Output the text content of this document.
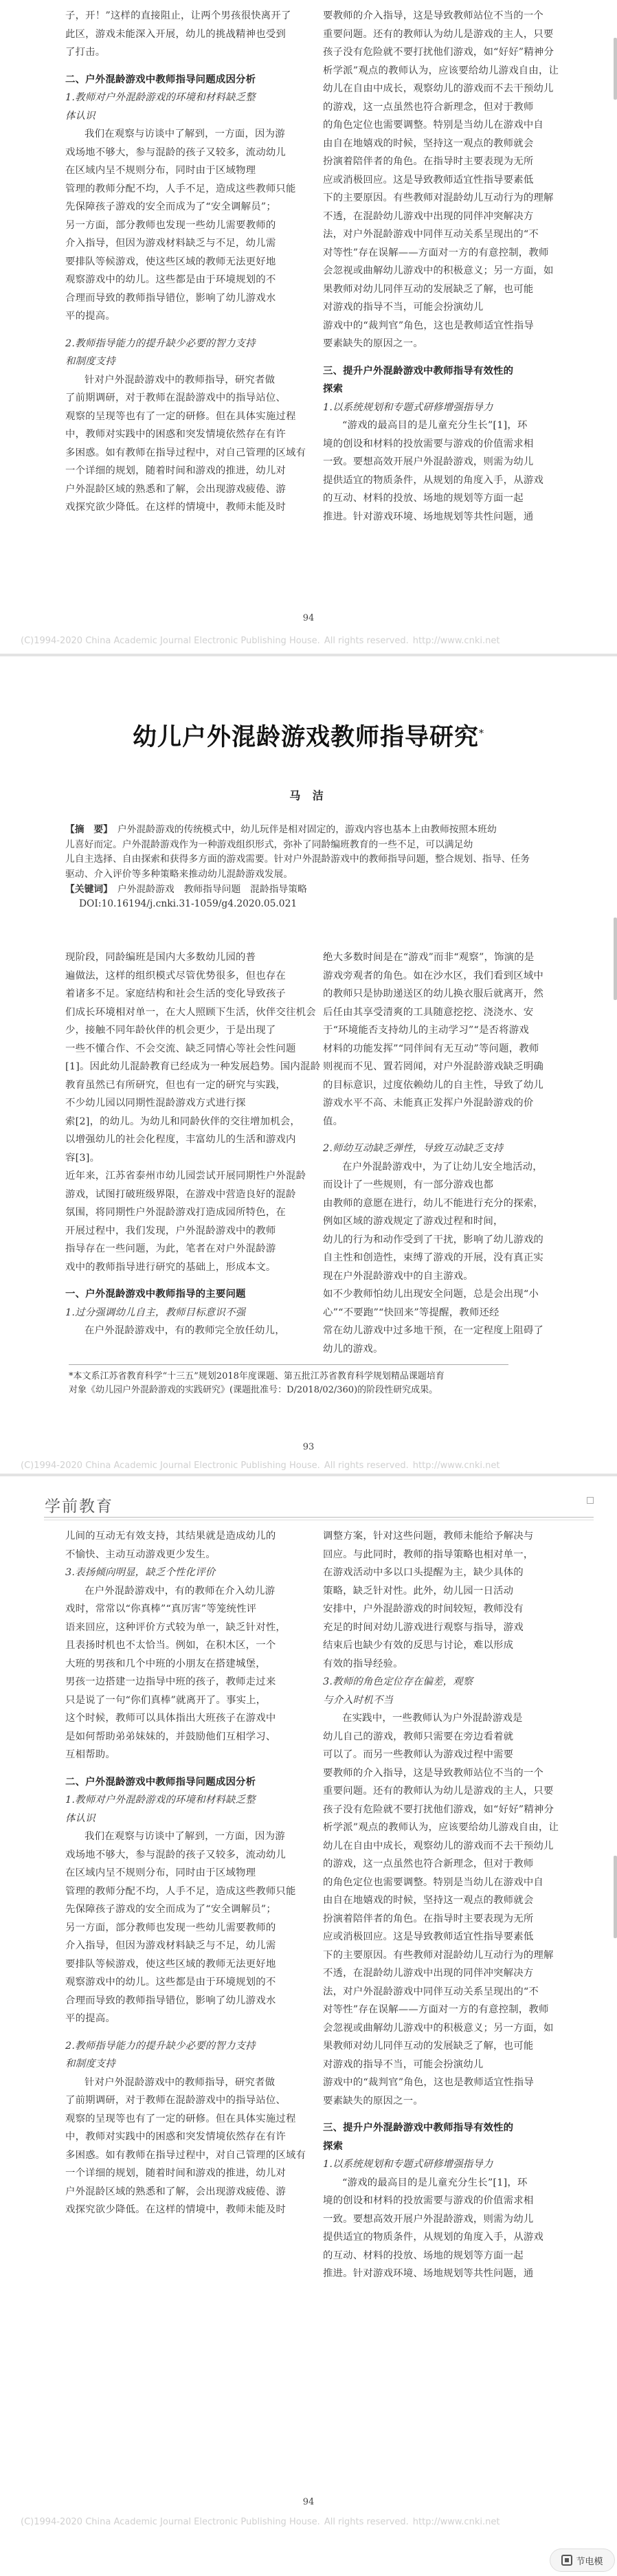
子，开！”这样的直接阻止，让两个男孩很快离开了
此区，游戏未能深入开展，幼儿的挑战精神也受到
了打击。
二、户外混龄游戏中教师指导问题成因分析
1.教师对户外混龄游戏的环境和材料缺乏整
体认识
我们在观察与访谈中了解到，一方面，因为游
戏场地不够大，参与混龄的孩子又较多，流动幼儿
在区域内呈不规则分布，同时由于区域物理
管理的教师分配不均，人手不足，造成这些教师只能
先保障孩子游戏的安全而成为了“安全调解员”；
另一方面，部分教师也发现一些幼儿需要教师的
介入指导，但因为游戏材料缺乏与不足，幼儿需
要排队等候游戏，使这些区域的教师无法更好地
观察游戏中的幼儿。这些都是由于环境规划的不
合理而导致的教师指导错位，影响了幼儿游戏水
平的提高。
2.教师指导能力的提升缺少必要的智力支持
和制度支持
针对户外混龄游戏中的教师指导，研究者做
了前期调研，对于教师在混龄游戏中的指导站位、
观察的呈现等也有了一定的研修。但在具体实施过程
中，教师对实践中的困惑和突发情境依然存在有许
多困惑。如有教师在指导过程中，对自己管理的区域有
一个详细的规划，随着时间和游戏的推进，幼儿对
户外混龄区域的熟悉和了解，会出现游戏疲倦、游
戏探究欲少降低。在这样的情境中，教师未能及时
要教师的介入指导，这是导致教师站位不当的一个
重要问题。还有的教师认为幼儿是游戏的主人，只要
孩子没有危险就不要打扰他们游戏，如“好好”精神分
析学派”观点的教师认为，应该要给幼儿游戏自由，让
幼儿在自由中成长，观察幼儿的游戏而不去干预幼儿
的游戏，这一点虽然也符合新理念，但对于教师
的角色定位也需要调整。特别是当幼儿在游戏中自
由自在地嬉戏的时候，坚持这一观点的教师就会
扮演着陪伴者的角色。在指导时主要表现为无所
应或消极回应。这是导致教师适宜性指导要素低
下的主要原因。有些教师对混龄幼儿互动行为的理解
不透，在混龄幼儿游戏中出现的同伴冲突解决方
法，对户外混龄游戏中同伴互动关系呈现出的“不
对等性”存在误解——方面对一方的有意控制，教师
会忽视或曲解幼儿游戏中的积极意义；另一方面，如
果教师对幼儿同伴互动的发展缺乏了解，也可能
对游戏的指导不当，可能会扮演幼儿
游戏中的“裁判官”角色，这也是教师适宜性指导
要素缺失的原因之一。
三、提升户外混龄游戏中教师指导有效性的
探索
1.以系统规划和专题式研修增强指导力
“游戏的最高目的是儿童充分生长”[1]，环
境的创设和材料的投放需要与游戏的价值需求相
一致。要想高效开展户外混龄游戏，则需为幼儿
提供适宜的物质条件，从规划的角度入手，从游戏
的互动、材料的投放、场地的规划等方面一起
推进。针对游戏环境、场地规划等共性问题，通
94
(C)1994-2020 China Academic Journal Electronic Publishing House. All rights reserved. http://www.cnki.net
幼儿户外混龄游戏教师指导研究*
马 洁
【摘　要】　 户外混龄游戏的传统模式中，幼儿玩伴是相对固定的，游戏内容也基本上由教师按照本班幼
儿喜好而定。户外混龄游戏作为一种游戏组织形式，弥补了同龄编班教育的一些不足，可以满足幼
儿自主选择、自由探索和获得多方面的游戏需要。针对户外混龄游戏中的教师指导问题，整合规划、指导、任务
驱动、介入评价等多种策略来推动幼儿混龄游戏发展。
【关键词】　 户外混龄游戏　教师指导问题　混龄指导策略
DOI:10.16194/j.cnki.31-1059/g4.2020.05.021
现阶段，同龄编班是国内大多数幼儿园的普
遍做法，这样的组织模式尽管优势很多，但也存在
着诸多不足。家庭结构和社会生活的变化导致孩子
们成长环境相对单一，在大人照顾下生活，伙伴交往机会
少，接触不同年龄伙伴的机会更少，于是出现了
一些不懂合作、不会交流、缺乏同情心等社会性问题
[1]。因此幼儿混龄教育已经成为一种发展趋势。国内混龄
教育虽然已有所研究，但也有一定的研究与实践，
不少幼儿园以同期性混龄游戏方式进行探
索[2]，的幼儿。为幼儿和同龄伙伴的交往增加机会，
以增强幼儿的社会化程度，丰富幼儿的生活和游戏内
容[3]。
近年来，江苏省泰州市幼儿园尝试开展同期性户外混龄
游戏，试图打破班级界限，在游戏中营造良好的混龄
氛围，将同期性户外混龄游戏打造成园所特色，在
开展过程中，我们发现，户外混龄游戏中的教师
指导存在一些问题，为此，笔者在对户外混龄游
戏中的教师指导进行研究的基础上，形成本文。
一、户外混龄游戏中教师指导的主要问题
1.过分强调幼儿自主，教师目标意识不强
在户外混龄游戏中，有的教师完全放任幼儿，
绝大多数时间是在“游戏”而非“观察”，饰演的是
游戏旁观者的角色。如在沙水区，我们看到区域中
的教师只是协助递送区的幼儿换衣服后就离开，然
后任由其享受清爽的工具随意挖挖、浇浇水、安
于“环境能否支持幼儿的主动学习”“是否将游戏
材料的功能发挥”“同伴间有无互动”等问题，教师
则视而不见、置若罔闻，对户外混龄游戏缺乏明确
的目标意识，过度依赖幼儿的自主性，导致了幼儿
游戏水平不高、未能真正发挥户外混龄游戏的价
值。
2.师幼互动缺乏弹性，导致互动缺乏支持
在户外混龄游戏中，为了让幼儿安全地活动，
而设计了一些规则，有一部分游戏也都
由教师的意愿在进行，幼儿不能进行充分的探索，
例如区域的游戏规定了游戏过程和时间，
幼儿的行为和动作受到了干扰，影响了幼儿游戏的
自主性和创造性，束缚了游戏的开展，没有真正实
现在户外混龄游戏中的自主游戏。
如不少教师怕幼儿出现安全问题，总是会出现“小
心”“不要跑”“快回来”等提醒，教师还经
常在幼儿游戏中过多地干预，在一定程度上阻碍了
幼儿的游戏。
*本文系江苏省教育科学“十三五”规划2018年度课题、第五批江苏省教育科学规划精品课题培育
对象《幼儿园户外混龄游戏的实践研究》(课题批准号：D/2018/02/360)的阶段性研究成果。
93
(C)1994-2020 China Academic Journal Electronic Publishing House. All rights reserved. http://www.cnki.net
学前教育
儿间的互动无有效支持，其结果就是造成幼儿的
不愉快、主动互动游戏更少发生。
3.表扬倾向明显，缺乏个性化评价
在户外混龄游戏中，有的教师在介入幼儿游
戏时，常常以“你真棒”“真厉害”等笼统性评
语来回应，这种评价方式较为单一，缺乏针对性，
且表扬时机也不太恰当。例如，在积木区，一个
大班的男孩和几个中班的小朋友在搭建城堡，
男孩一边搭建一边指导中班的孩子，教师走过来
只是说了一句“你们真棒”就离开了。事实上，
这个时候，教师可以具体指出大班孩子在游戏中
是如何帮助弟弟妹妹的，并鼓励他们互相学习、
互相帮助。
二、户外混龄游戏中教师指导问题成因分析
1.教师对户外混龄游戏的环境和材料缺乏整
体认识
我们在观察与访谈中了解到，一方面，因为游
戏场地不够大，参与混龄的孩子又较多，流动幼儿
在区域内呈不规则分布，同时由于区域物理
管理的教师分配不均，人手不足，造成这些教师只能
先保障孩子游戏的安全而成为了“安全调解员”；
另一方面，部分教师也发现一些幼儿需要教师的
介入指导，但因为游戏材料缺乏与不足，幼儿需
要排队等候游戏，使这些区域的教师无法更好地
观察游戏中的幼儿。这些都是由于环境规划的不
合理而导致的教师指导错位，影响了幼儿游戏水
平的提高。
2.教师指导能力的提升缺少必要的智力支持
和制度支持
针对户外混龄游戏中的教师指导，研究者做
了前期调研，对于教师在混龄游戏中的指导站位、
观察的呈现等也有了一定的研修。但在具体实施过程
中，教师对实践中的困惑和突发情境依然存在有许
多困惑。如有教师在指导过程中，对自己管理的区域有
一个详细的规划，随着时间和游戏的推进，幼儿对
户外混龄区域的熟悉和了解，会出现游戏疲倦、游
戏探究欲少降低。在这样的情境中，教师未能及时
调整方案，针对这些问题，教师未能给予解决与
回应。与此同时，教师的指导策略也相对单一，
在游戏活动中多以口头提醒为主，缺少具体的
策略，缺乏针对性。此外，幼儿园一日活动
安排中，户外混龄游戏的时间较短，教师没有
充足的时间对幼儿游戏进行观察与指导，游戏
结束后也缺少有效的反思与讨论，难以形成
有效的指导经验。
3.教师的角色定位存在偏差，观察
与介入时机不当
在实践中，一些教师认为户外混龄游戏是
幼儿自己的游戏，教师只需要在旁边看着就
可以了。而另一些教师认为游戏过程中需要
要教师的介入指导，这是导致教师站位不当的一个
重要问题。还有的教师认为幼儿是游戏的主人，只要
孩子没有危险就不要打扰他们游戏，如“好好”精神分
析学派”观点的教师认为，应该要给幼儿游戏自由，让
幼儿在自由中成长，观察幼儿的游戏而不去干预幼儿
的游戏，这一点虽然也符合新理念，但对于教师
的角色定位也需要调整。特别是当幼儿在游戏中自
由自在地嬉戏的时候，坚持这一观点的教师就会
扮演着陪伴者的角色。在指导时主要表现为无所
应或消极回应。这是导致教师适宜性指导要素低
下的主要原因。有些教师对混龄幼儿互动行为的理解
不透，在混龄幼儿游戏中出现的同伴冲突解决方
法，对户外混龄游戏中同伴互动关系呈现出的“不
对等性”存在误解——方面对一方的有意控制，教师
会忽视或曲解幼儿游戏中的积极意义；另一方面，如
果教师对幼儿同伴互动的发展缺乏了解，也可能
对游戏的指导不当，可能会扮演幼儿
游戏中的“裁判官”角色，这也是教师适宜性指导
要素缺失的原因之一。
三、提升户外混龄游戏中教师指导有效性的
探索
1.以系统规划和专题式研修增强指导力
“游戏的最高目的是儿童充分生长”[1]，环
境的创设和材料的投放需要与游戏的价值需求相
一致。要想高效开展户外混龄游戏，则需为幼儿
提供适宜的物质条件，从规划的角度入手，从游戏
的互动、材料的投放、场地的规划等方面一起
推进。针对游戏环境、场地规划等共性问题，通
94
(C)1994-2020 China Academic Journal Electronic Publishing House. All rights reserved. http://www.cnki.net
节电模
